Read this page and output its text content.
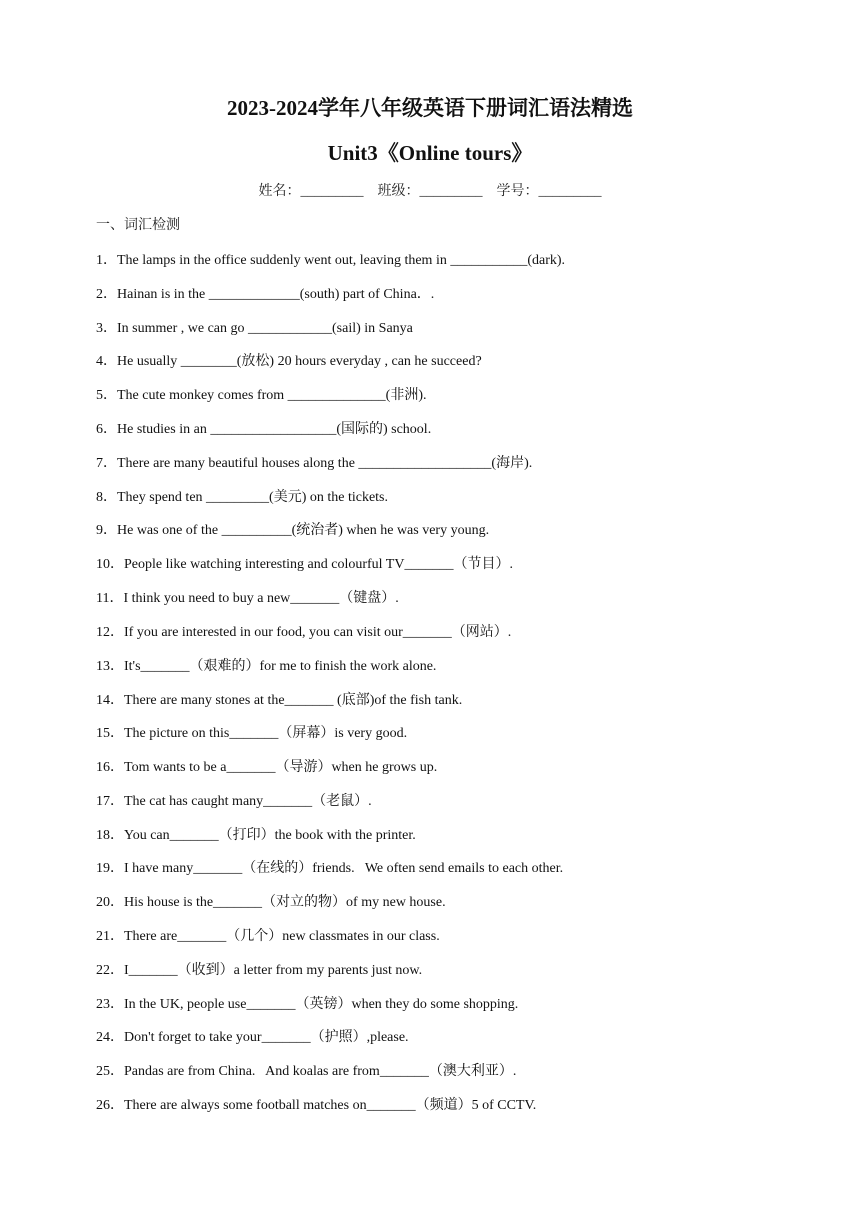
2023-2024学年八年级英语下册词汇语法精选
Unit3《Online tours》
姓名：_________ 班级：_________ 学号：_________
一、词汇检测
1．The lamps in the office suddenly went out, leaving them in ___________(dark).
2．Hainan is in the _____________(south) part of China．.
3．In summer , we can go ____________(sail) in Sanya
4．He usually ________(放松) 20 hours everyday , can he succeed?
5．The cute monkey comes from ______________(非洲).
6．He studies in an __________________(国际的) school.
7．There are many beautiful houses along the ___________________(海岸).
8．They spend ten _________(美元) on the tickets.
9．He was one of the __________(统治者) when he was very young.
10．People like watching interesting and colourful TV_______（节目）.
11．I think you need to buy a new_______（键盘）.
12．If you are interested in our food, you can visit our_______（网站）.
13．It's_______（艰难的）for me to finish the work alone.
14．There are many stones at the_______ (底部)of the fish tank.
15．The picture on this_______（屏幕）is very good.
16．Tom wants to be a_______（导游）when he grows up.
17．The cat has caught many_______（老鼠）.
18．You can_______（打印）the book with the printer.
19．I have many_______（在线的）friends.   We often send emails to each other.
20．His house is the_______（对立的物）of my new house.
21．There are_______（几个）new classmates in our class.
22．I_______（收到）a letter from my parents just now.
23．In the UK, people use_______（英镑）when they do some shopping.
24．Don't forget to take your_______（护照）,please.
25．Pandas are from China.   And koalas are from_______（澳大利亚）.
26．There are always some football matches on_______（频道）5 of CCTV.
